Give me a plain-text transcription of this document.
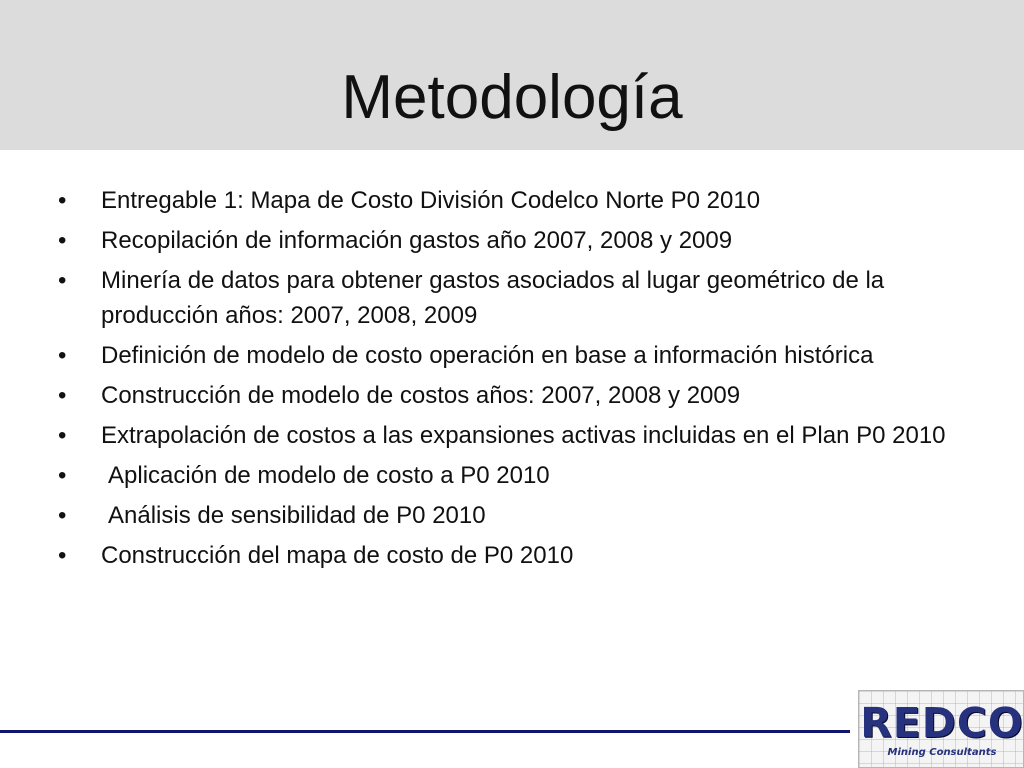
Metodología
•	Entregable 1: Mapa de Costo División Codelco Norte P0 2010
•	Recopilación de información gastos año 2007, 2008 y 2009
•	Minería de datos para obtener gastos asociados al lugar geométrico de la producción años: 2007, 2008, 2009
•	Definición de modelo de costo operación en base a información histórica
•	Construcción de modelo de costos años: 2007, 2008 y 2009
•	Extrapolación de costos a las expansiones activas incluidas en el Plan P0 2010
•	Aplicación de modelo de costo a P0 2010
•	Análisis de sensibilidad de P0 2010
•	Construcción del mapa de costo de P0 2010
REDCO
Mining Consultants
